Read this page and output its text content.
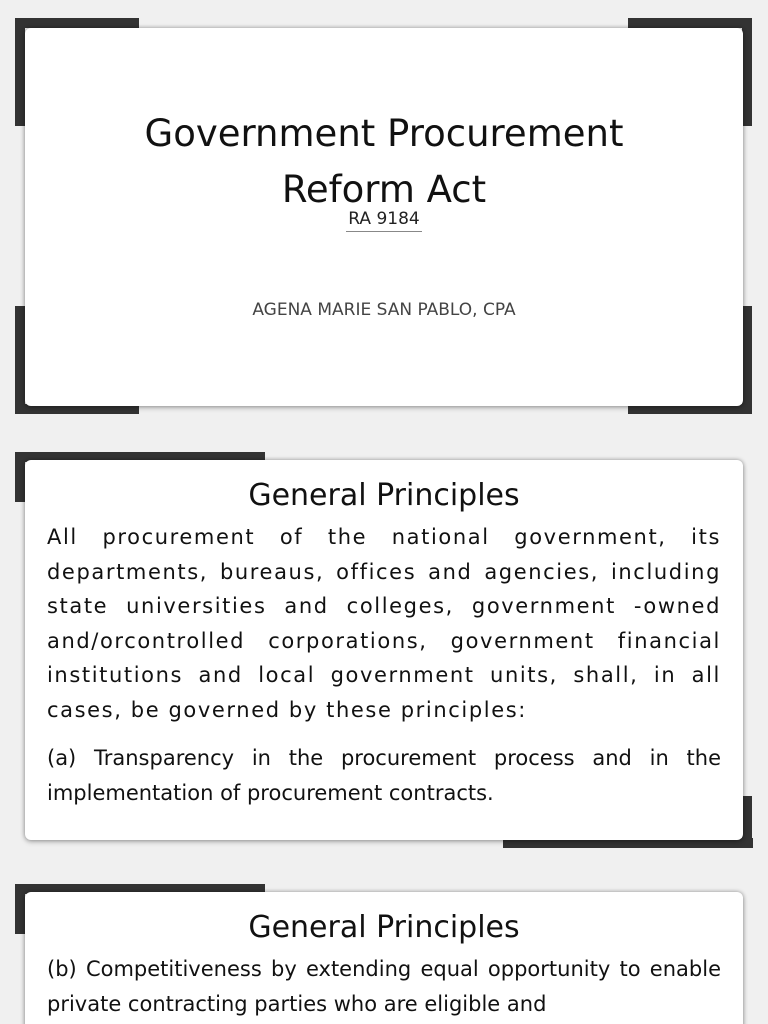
Government Procurement
Reform Act
RA 9184
AGENA MARIE SAN PABLO, CPA
General Principles

All procurement of the national government, its departments, bureaus, offices and agencies, including state universities and colleges, government -owned and/orcontrolled corporations, government financial institutions and local government units, shall, in all cases, be governed by these principles:

(a) Transparency in the procurement process and in the implementation of procurement contracts.

General Principles

(b) Competitiveness by extending equal opportunity to enable private contracting parties who are eligible and
